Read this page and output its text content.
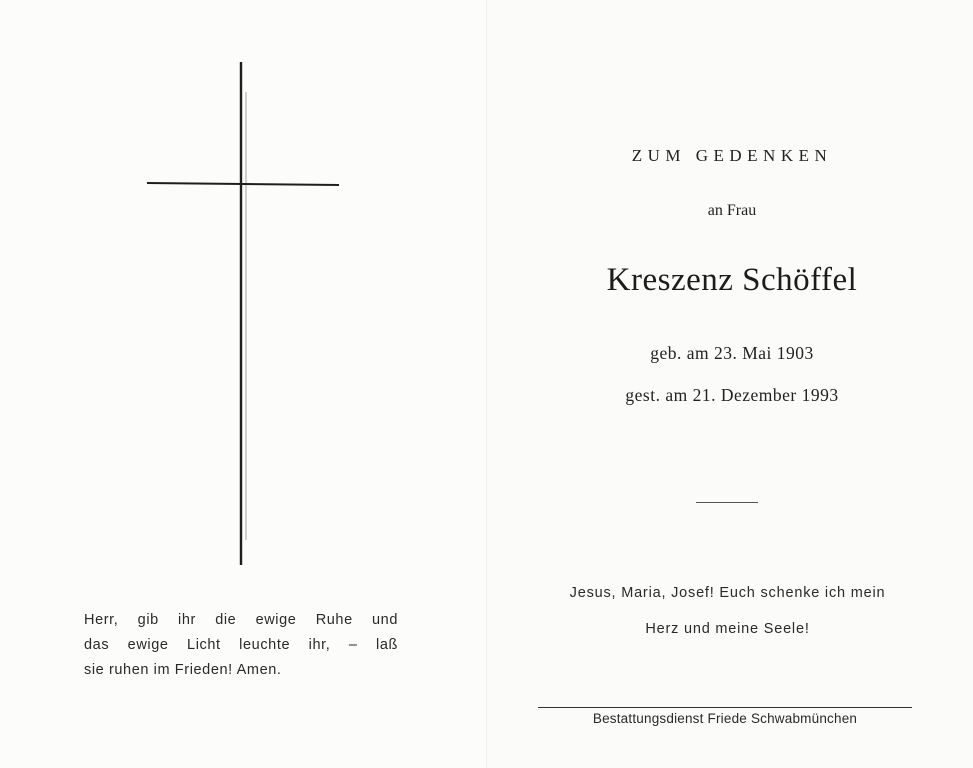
Herr, gib ihr die ewige Ruhe und
das ewige Licht leuchte ihr, – laß
sie ruhen im Frieden! Amen.
ZUM GEDENKEN
an Frau
Kreszenz Schöffel
geb. am 23. Mai 1903
gest. am 21. Dezember 1993
Jesus, Maria, Josef! Euch schenke ich mein
Herz und meine Seele!
Bestattungsdienst Friede Schwabmünchen
